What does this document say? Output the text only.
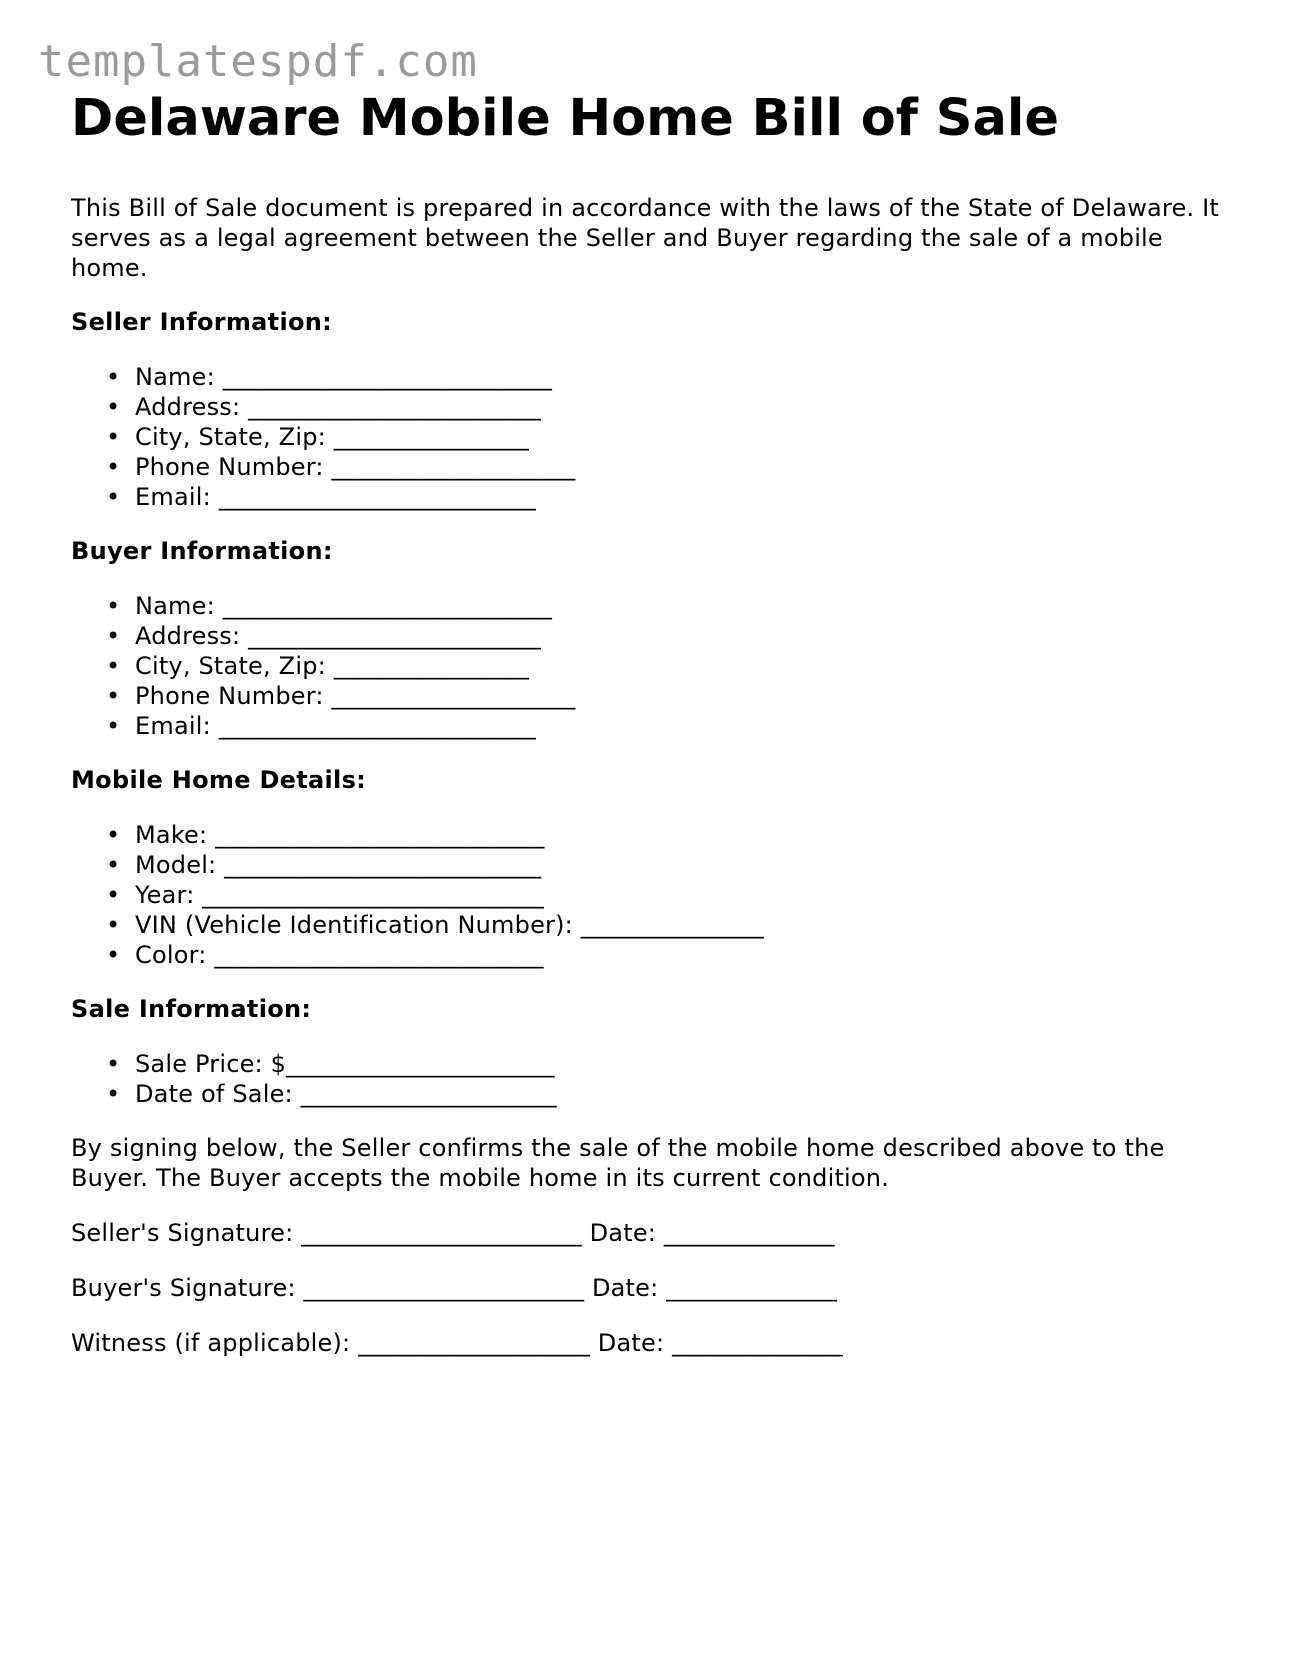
templatespdf.com
Delaware Mobile Home Bill of Sale

This Bill of Sale document is prepared in accordance with the laws of the State of Delaware. It serves as a legal agreement between the Seller and Buyer regarding the sale of a mobile home.

Seller Information:

• Name: ___________________________
• Address: ________________________
• City, State, Zip: ________________
• Phone Number: ____________________
• Email: __________________________

Buyer Information:

• Name: ___________________________
• Address: ________________________
• City, State, Zip: ________________
• Phone Number: ____________________
• Email: __________________________

Mobile Home Details:

• Make: ___________________________
• Model: __________________________
• Year: ____________________________
• VIN (Vehicle Identification Number): _______________
• Color: ___________________________

Sale Information:

• Sale Price: $______________________
• Date of Sale: _____________________

By signing below, the Seller confirms the sale of the mobile home described above to the Buyer. The Buyer accepts the mobile home in its current condition.

Seller's Signature: _______________________ Date: ______________

Buyer's Signature: _______________________ Date: ______________

Witness (if applicable): ___________________ Date: ______________
